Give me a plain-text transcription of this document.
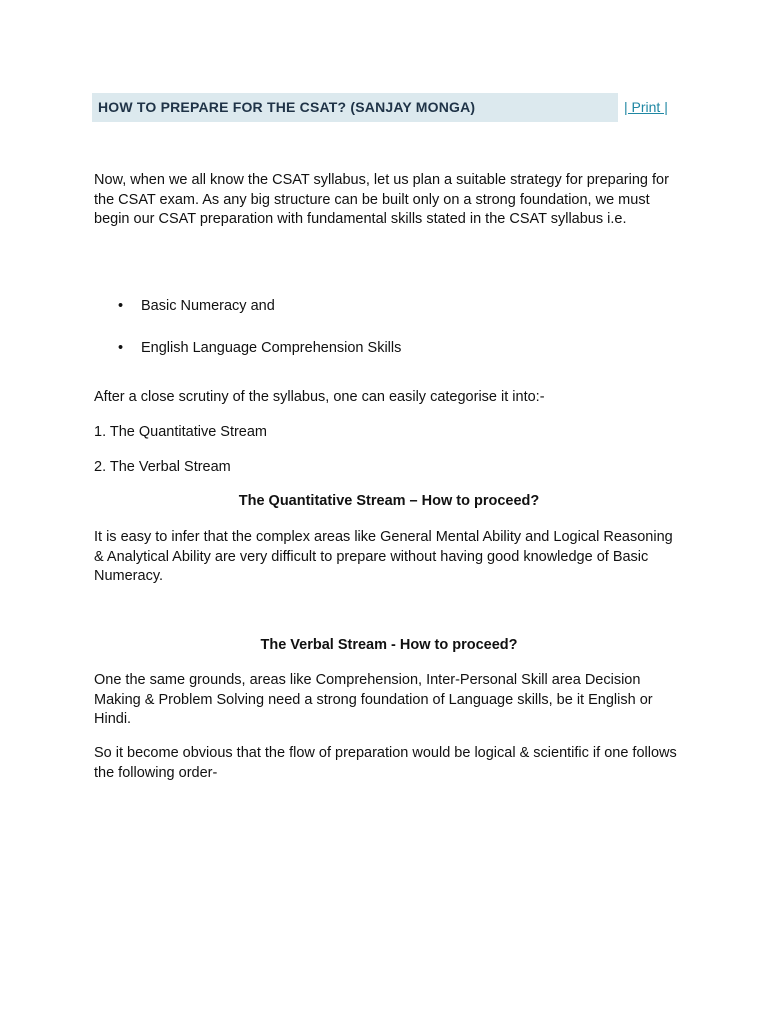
HOW TO PREPARE FOR THE CSAT? (SANJAY MONGA)	| Print |

Now, when we all know the CSAT syllabus, let us plan a suitable strategy for preparing for the CSAT exam. As any big structure can be built only on a strong foundation, we must begin our CSAT preparation with fundamental skills stated in the CSAT syllabus i.e.

• Basic Numeracy and
• English Language Comprehension Skills

After a close scrutiny of the syllabus, one can easily categorise it into:-

1. The Quantitative Stream

2. The Verbal Stream

The Quantitative Stream – How to proceed?

It is easy to infer that the complex areas like General Mental Ability and Logical Reasoning & Analytical Ability are very difficult to prepare without having good knowledge of Basic Numeracy.

The Verbal Stream - How to proceed?

One the same grounds, areas like Comprehension, Inter-Personal Skill area Decision Making & Problem Solving need a strong foundation of Language skills, be it English or Hindi.

So it become obvious that the flow of preparation would be logical & scientific if one follows the following order-
